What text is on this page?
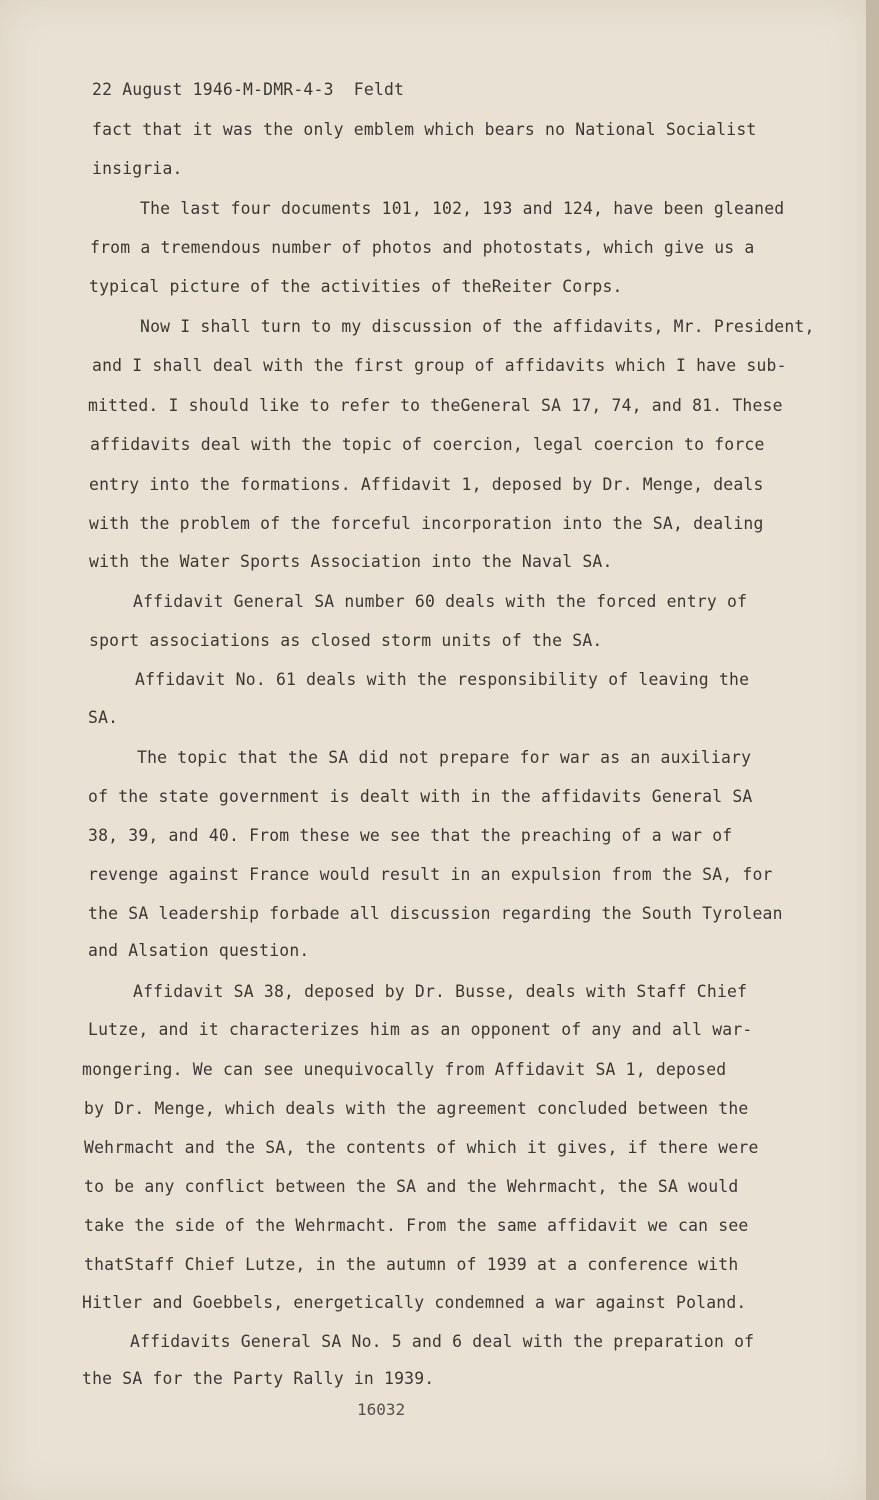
22 August 1946-M-DMR-4-3  Feldt
fact that it was the only emblem which bears no National Socialist
insigria.
The last four documents 101, 102, 193 and 124, have been gleaned
from a tremendous number of photos and photostats, which give us a
typical picture of the activities of theReiter Corps.
Now I shall turn to my discussion of the affidavits, Mr. President,
and I shall deal with the first group of affidavits which I have sub-
mitted. I should like to refer to theGeneral SA 17, 74, and 81. These
affidavits deal with the topic of coercion, legal coercion to force
entry into the formations. Affidavit 1, deposed by Dr. Menge, deals
with the problem of the forceful incorporation into the SA, dealing
with the Water Sports Association into the Naval SA.
Affidavit General SA number 60 deals with the forced entry of
sport associations as closed storm units of the SA.
Affidavit No. 61 deals with the responsibility of leaving the
SA.
The topic that the SA did not prepare for war as an auxiliary
of the state government is dealt with in the affidavits General SA
38, 39, and 40. From these we see that the preaching of a war of
revenge against France would result in an expulsion from the SA, for
the SA leadership forbade all discussion regarding the South Tyrolean
and Alsation question.
Affidavit SA 38, deposed by Dr. Busse, deals with Staff Chief
Lutze, and it characterizes him as an opponent of any and all war-
mongering. We can see unequivocally from Affidavit SA 1, deposed
by Dr. Menge, which deals with the agreement concluded between the
Wehrmacht and the SA, the contents of which it gives, if there were
to be any conflict between the SA and the Wehrmacht, the SA would
take the side of the Wehrmacht. From the same affidavit we can see
thatStaff Chief Lutze, in the autumn of 1939 at a conference with
Hitler and Goebbels, energetically condemned a war against Poland.
Affidavits General SA No. 5 and 6 deal with the preparation of
the SA for the Party Rally in 1939.
16032
